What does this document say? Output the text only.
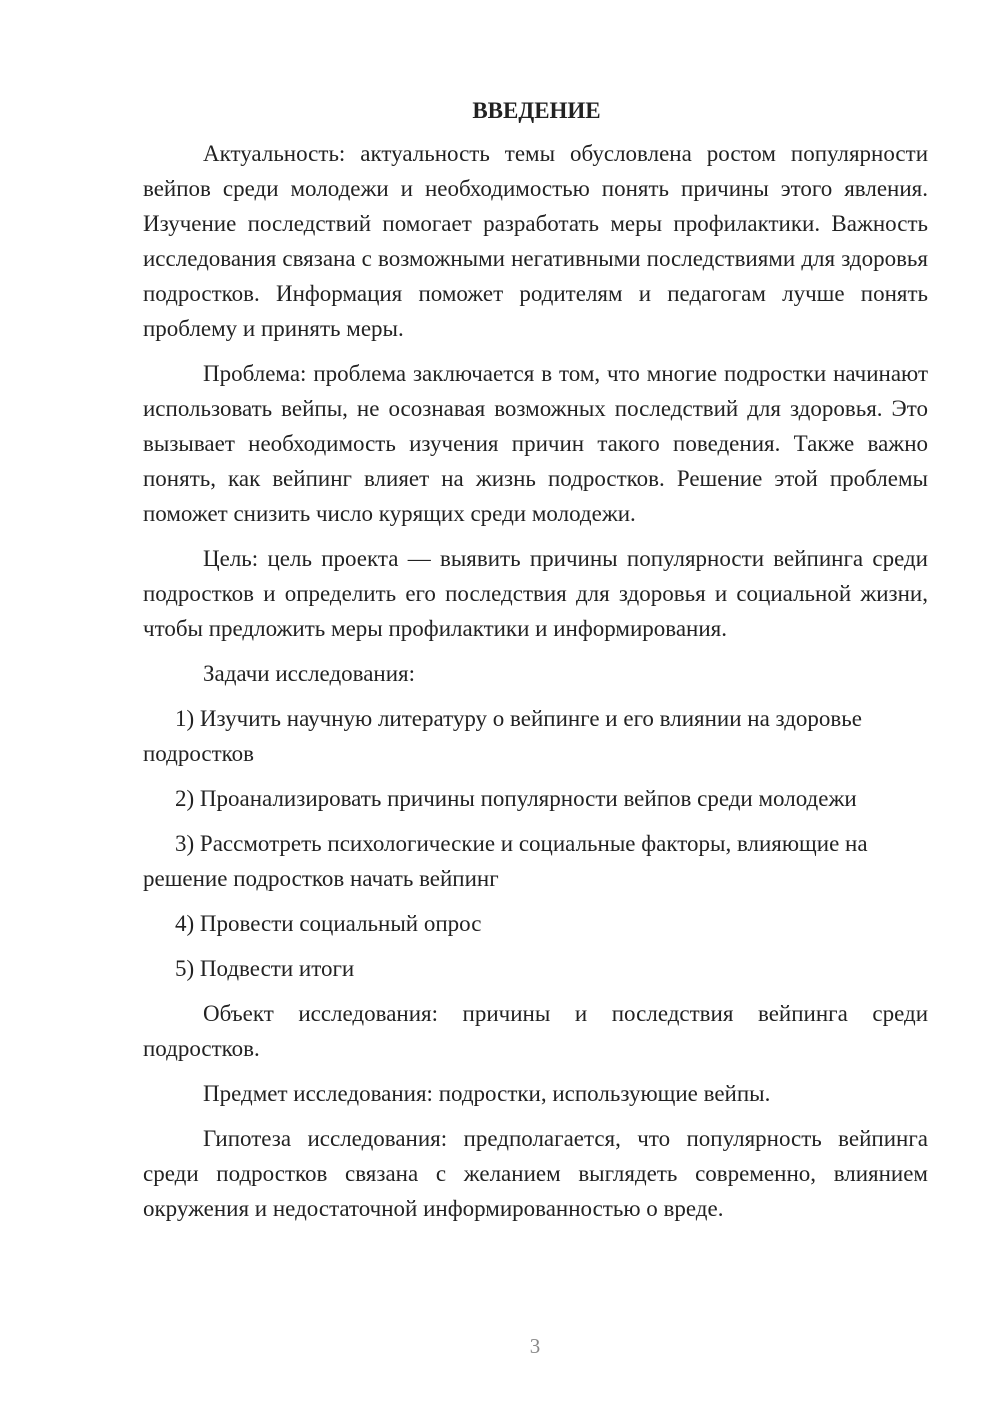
ВВЕДЕНИЕ

Актуальность: актуальность темы обусловлена ростом популярности вейпов среди молодежи и необходимостью понять причины этого явления. Изучение последствий помогает разработать меры профилактики. Важность исследования связана с возможными негативными последствиями для здоровья подростков. Информация поможет родителям и педагогам лучше понять проблему и принять меры.

Проблема: проблема заключается в том, что многие подростки начинают использовать вейпы, не осознавая возможных последствий для здоровья. Это вызывает необходимость изучения причин такого поведения. Также важно понять, как вейпинг влияет на жизнь подростков. Решение этой проблемы поможет снизить число курящих среди молодежи.

Цель: цель проекта — выявить причины популярности вейпинга среди подростков и определить его последствия для здоровья и социальной жизни, чтобы предложить меры профилактики и информирования.

Задачи исследования:

1) Изучить научную литературу о вейпинге и его влиянии на здоровье подростков
2) Проанализировать причины популярности вейпов среди молодежи
3) Рассмотреть психологические и социальные факторы, влияющие на решение подростков начать вейпинг
4) Провести социальный опрос
5) Подвести итоги

Объект исследования: причины и последствия вейпинга среди подростков.

Предмет исследования: подростки, использующие вейпы.

Гипотеза исследования: предполагается, что популярность вейпинга среди подростков связана с желанием выглядеть современно, влиянием окружения и недостаточной информированностью о вреде.

3
